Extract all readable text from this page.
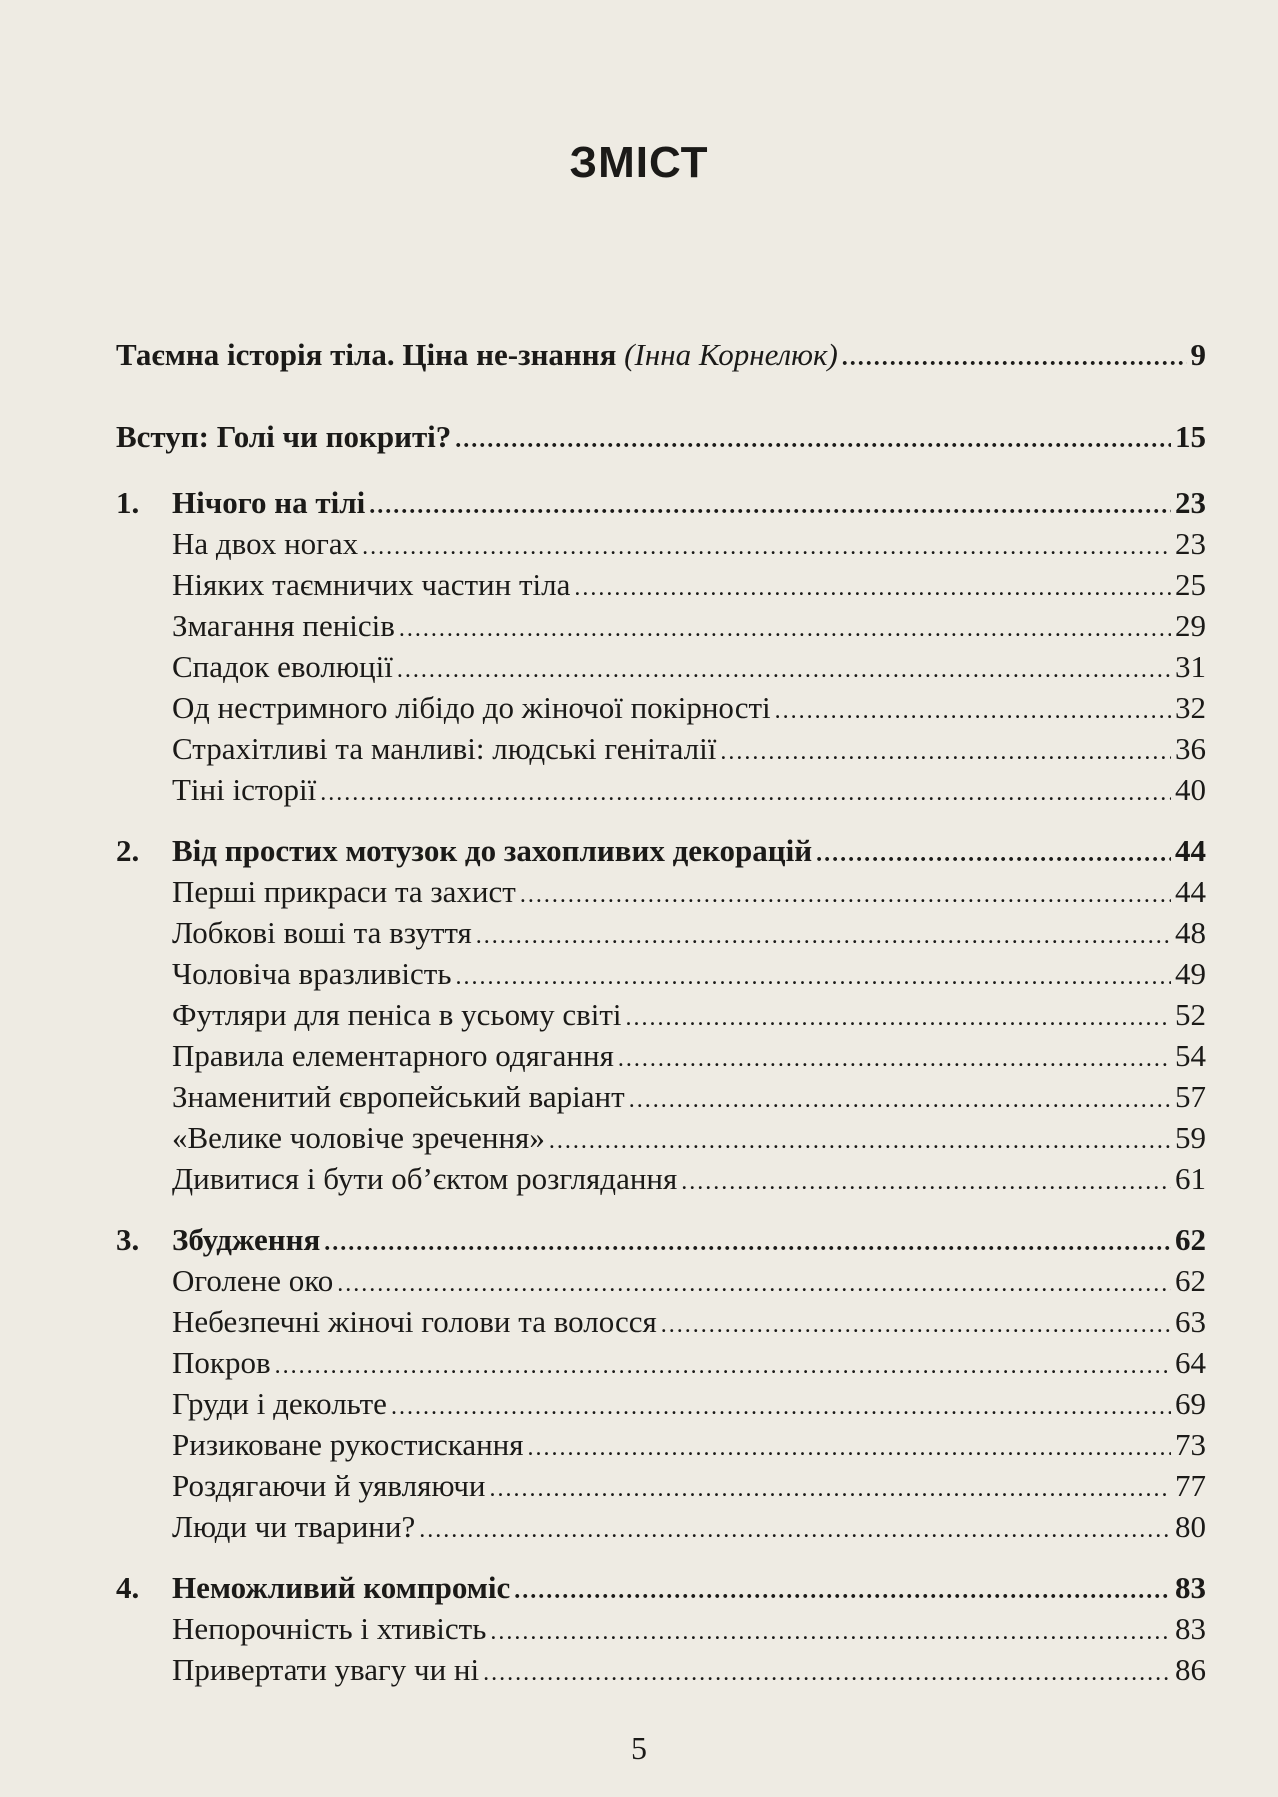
ЗМІСТ
Таємна історія тіла. Ціна не-знання
(Інна Корнелюк) .....	9
Вступ: Голі чи покриті? .....	15
1.	Нічого на тілі .....	23
На двох ногах .....	23
Ніяких таємничих частин тіла .....	25
Змагання пенісів .....	29
Спадок еволюції .....	31
Од нестримного лібідо до жіночої покірності .....	32
Страхітливі та манливі: людські геніталії .....	36
Тіні історії .....	40
2.	Від простих мотузок до захопливих декорацій .....	44
Перші прикраси та захист .....	44
Лобкові воші та взуття .....	48
Чоловіча вразливість .....	49
Футляри для пеніса в усьому світі .....	52
Правила елементарного одягання .....	54
Знаменитий європейський варіант .....	57
«Велике чоловіче зречення» .....	59
Дивитися і бути об’єктом розглядання .....	61
3.	Збудження .....	62
Оголене око .....	62
Небезпечні жіночі голови та волосся .....	63
Покров .....	64
Груди і декольте .....	69
Ризиковане рукостискання .....	73
Роздягаючи й уявляючи .....	77
Люди чи тварини? .....	80
4.	Неможливий компроміс .....	83
Непорочність і хтивість .....	83
Привертати увагу чи ні .....	86
5
